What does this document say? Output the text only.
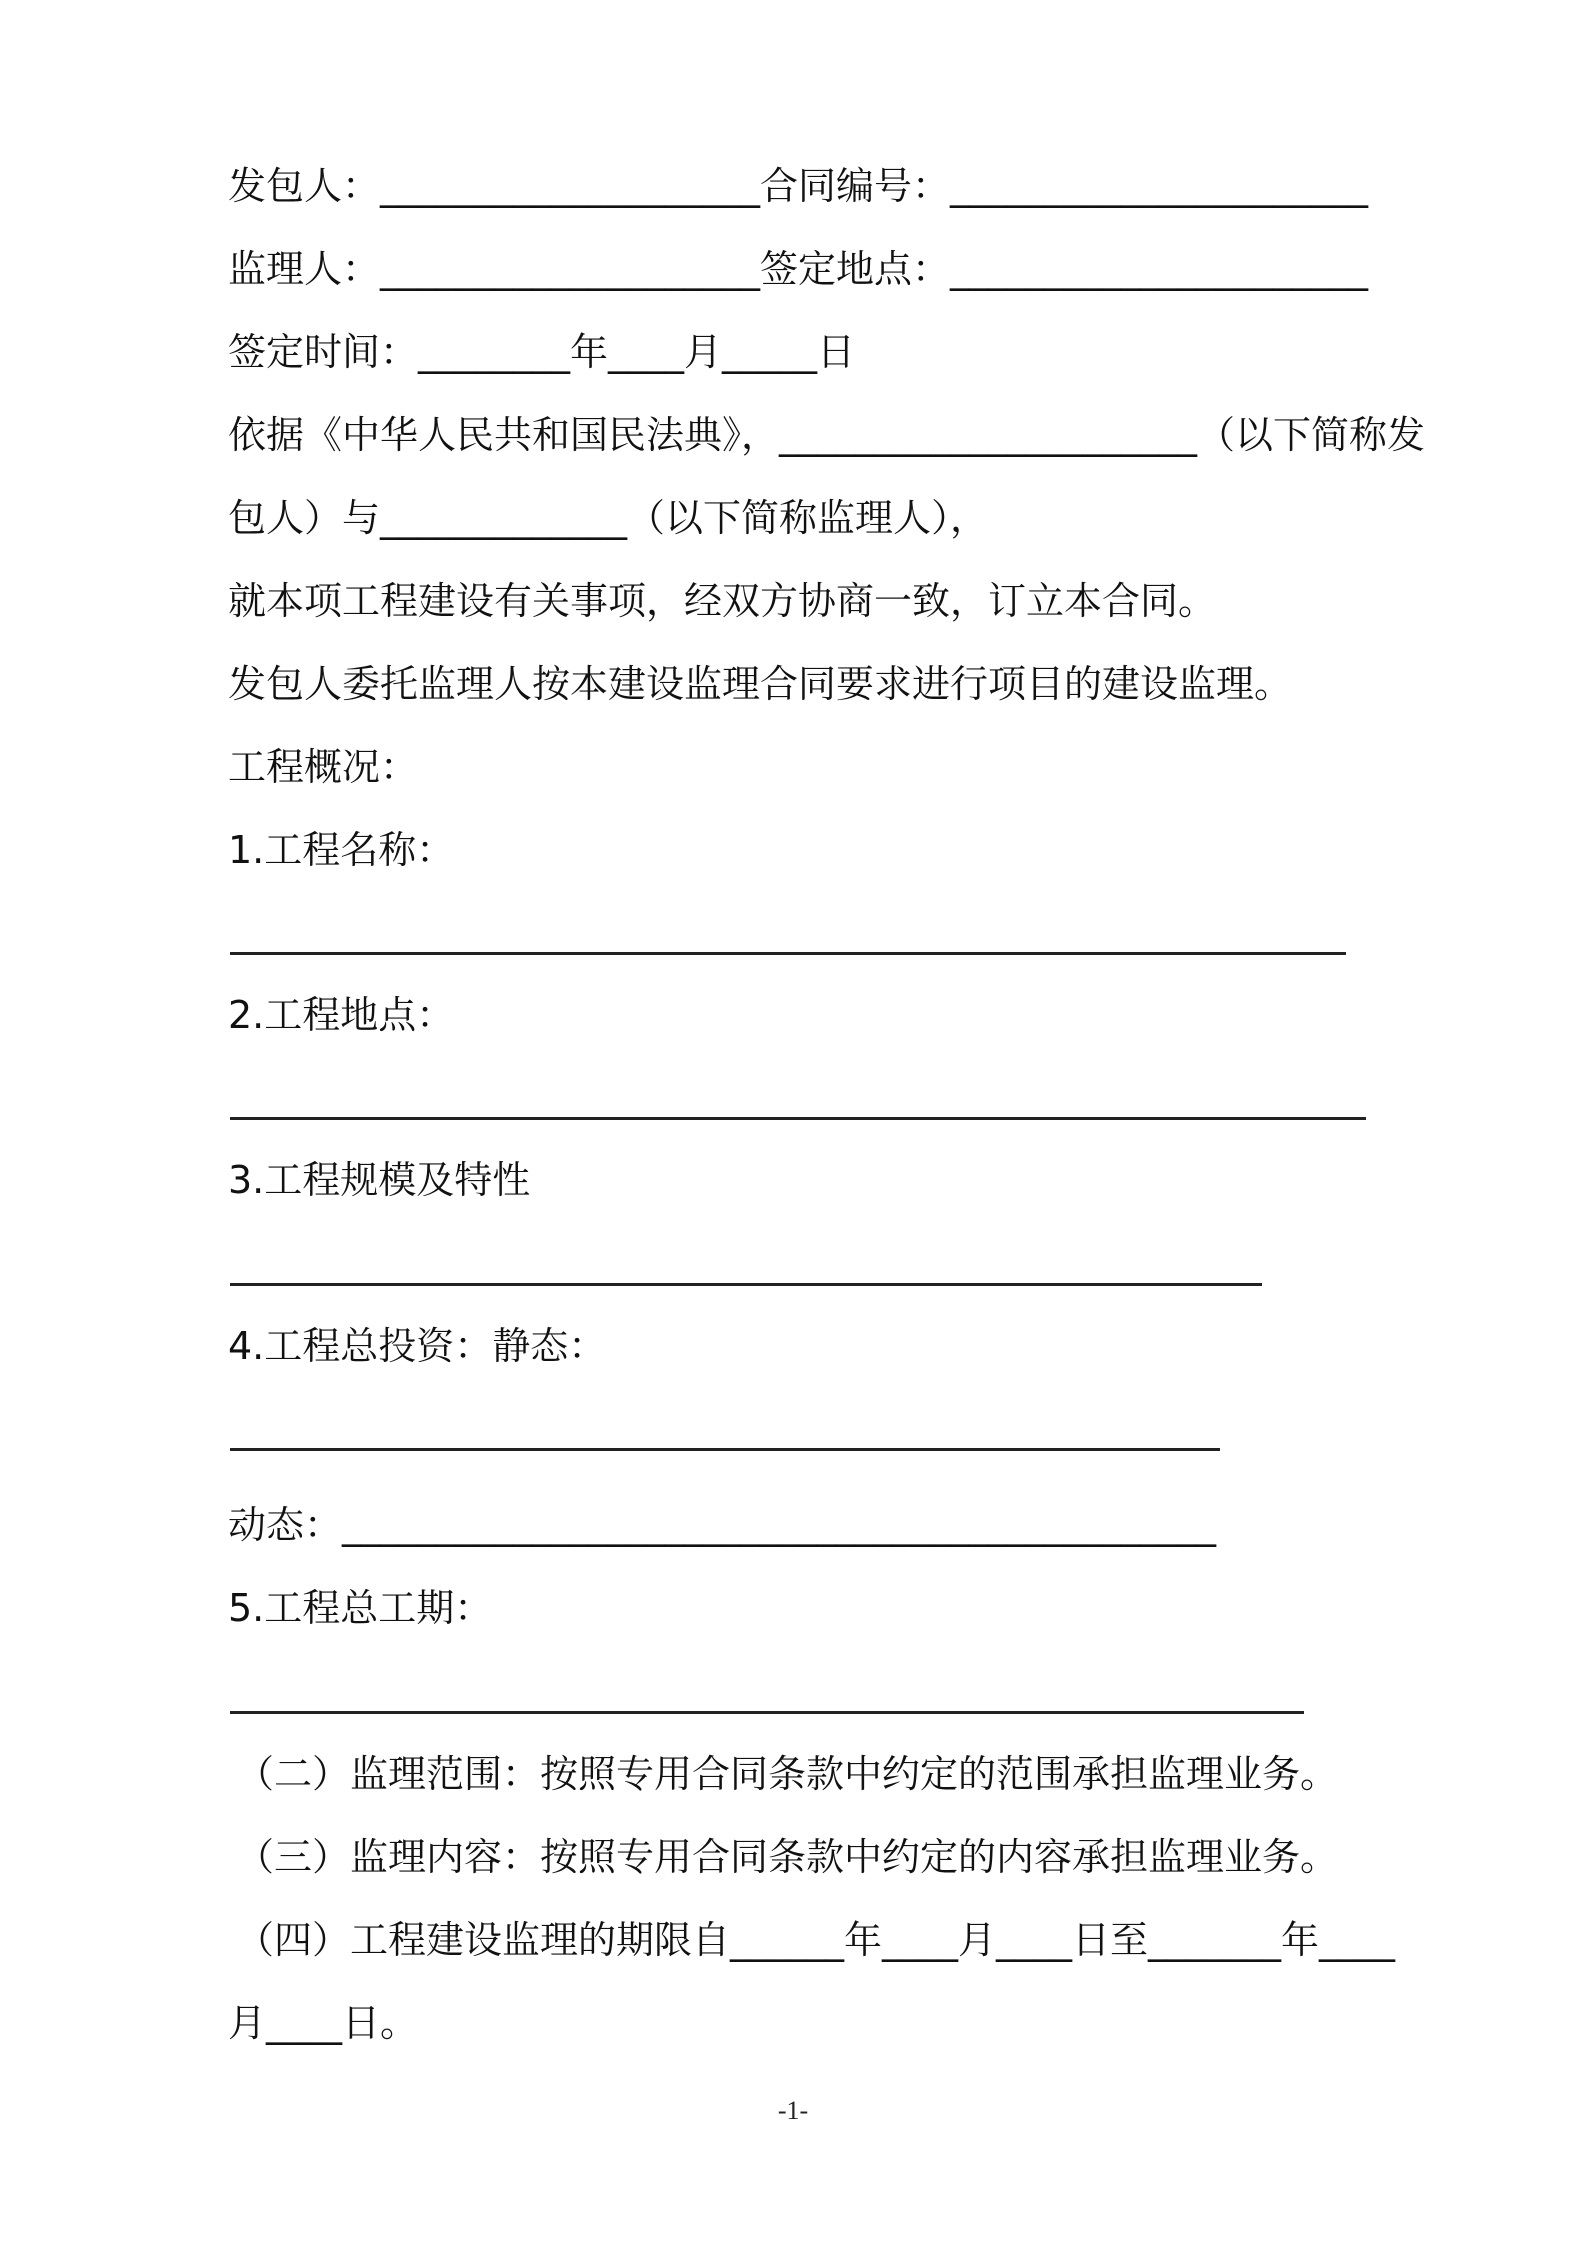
发包人：____________________合同编号：______________________
监理人：____________________签定地点：______________________
签定时间：________年____月_____日
依据《中华人民共和国民法典》，______________________（以下简称发
包人）与_____________（以下简称监理人），
就本项工程建设有关事项，经双方协商一致，订立本合同。
发包人委托监理人按本建设监理合同要求进行项目的建设监理。
工程概况：
1.工程名称：
2.工程地点：
3.工程规模及特性
4.工程总投资：静态：
动态：______________________________________________
5.工程总工期：
（二）监理范围：按照专用合同条款中约定的范围承担监理业务。
（三）监理内容：按照专用合同条款中约定的内容承担监理业务。
（四）工程建设监理的期限自______年____月____日至_______年____
月____日。
-1-
